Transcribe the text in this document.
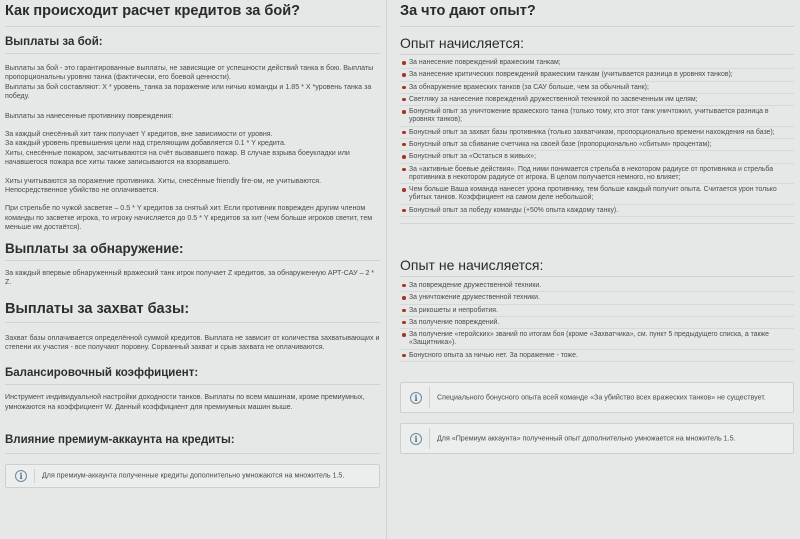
Как происходит расчет кредитов за бой?
Выплаты за бой:

Выплаты за бой - это гарантированные выплаты, не зависящие от успешности действий танка в бою. Выплаты пропорциональны уровню танка (фактически, его боевой ценности).

Выплаты за бой составляют: X * уровень_танка за поражение или ничью команды и 1.85 * X *уровень танка за победу.

Выплаты за нанесенные противнику повреждения:

За каждый снесённый хит танк получает Y кредитов, вне зависимости от уровня.

За каждый уровень превышения цели над стреляющим добавляется 0.1 * Y кредита.

Хиты, снесённые пожаром, засчитываются на счёт вызвавшего пожар. В случае взрыва боеукладки или начавшегося пожара все хиты также записываются на взорвавшего.

Хиты учитываются за поражение противника. Хиты, снесённые friendly fire-ом, не учитываются. Непосредственное убийство не оплачивается.

При стрельбе по чужой засветке – 0.5 * Y кредитов за снятый хит. Если противник поврежден другим членом команды по засветке игрока, то игроку начисляется до 0.5 * Y кредитов за хит (чем больше игроков светит, тем меньше им достаётся).

Выплаты за обнаружение:

За каждый впервые обнаруженный вражеский танк игрок получает Z кредитов, за обнаруженную АРТ-САУ – 2 * Z.

Выплаты за захват базы:

Захват базы оплачивается определённой суммой кредитов. Выплата не зависит от количества захватывающих и степени их участия - все получают поровну. Сорванный захват и срыв захвата не оплачиваются.

Балансировочный коэффициент:

Инструмент индивидуальной настройки доходности танков. Выплаты по всем машинам, кроме премиумных, умножаются на коэффициент W. Данный коэффициент для премиумных машин выше.

Влияние премиум-аккаунта на кредиты:
i	Для премиум-аккаунта полученные кредиты дополнительно умножаются на множитель 1.5.

За что дают опыт?
Опыт начисляется:
За нанесение повреждений вражеским танкам;
За нанесение критических повреждений вражеским танкам (учитывается разница в уровнях танков);
За обнаружение вражеских танков (за САУ больше, чем за обычный танк);
Светляку за нанесение повреждений дружественной техникой по засвеченным им целям;
Бонусный опыт за уничтожение вражеского танка (только тому, кто этот танк уничтожил, учитывается разница в уровнях танков);
Бонусный опыт за захват базы противника (только захватчикам, пропорционально времени нахождения на базе);
Бонусный опыт за сбивание счетчика на своей базе (пропорционально «сбитым» процентам);
Бонусный опыт за «Остаться в живых»;
За «активные боевые действия». Под ними понимается стрельба в некотором радиусе от противника и стрельба противника в некотором радиусе от игрока. В целом получается немного, но влияет;
Чем больше Ваша команда нанесет урона противнику, тем больше каждый получит опыта. Считается урон только убитых танков. Коэффициент на самом деле небольшой;
Бонусный опыт за победу команды (+50% опыта каждому танку).
Опыт не начисляется:
За повреждение дружественной техники.
За уничтожение дружественной техники.
За рикошеты и непробития.
За получение повреждений.
За получение «геройских» званий по итогам боя (кроме «Захватчика», см. пункт 5 предыдущего списка, а также «Защитника»).
Бонусного опыта за ничью нет. За поражение - тоже.
i	Специального бонусного опыта всей команде «За убийство всех вражеских танков» не существует.

i	Для «Премиум аккаунта» полученный опыт дополнительно умножается на множитель 1.5.
